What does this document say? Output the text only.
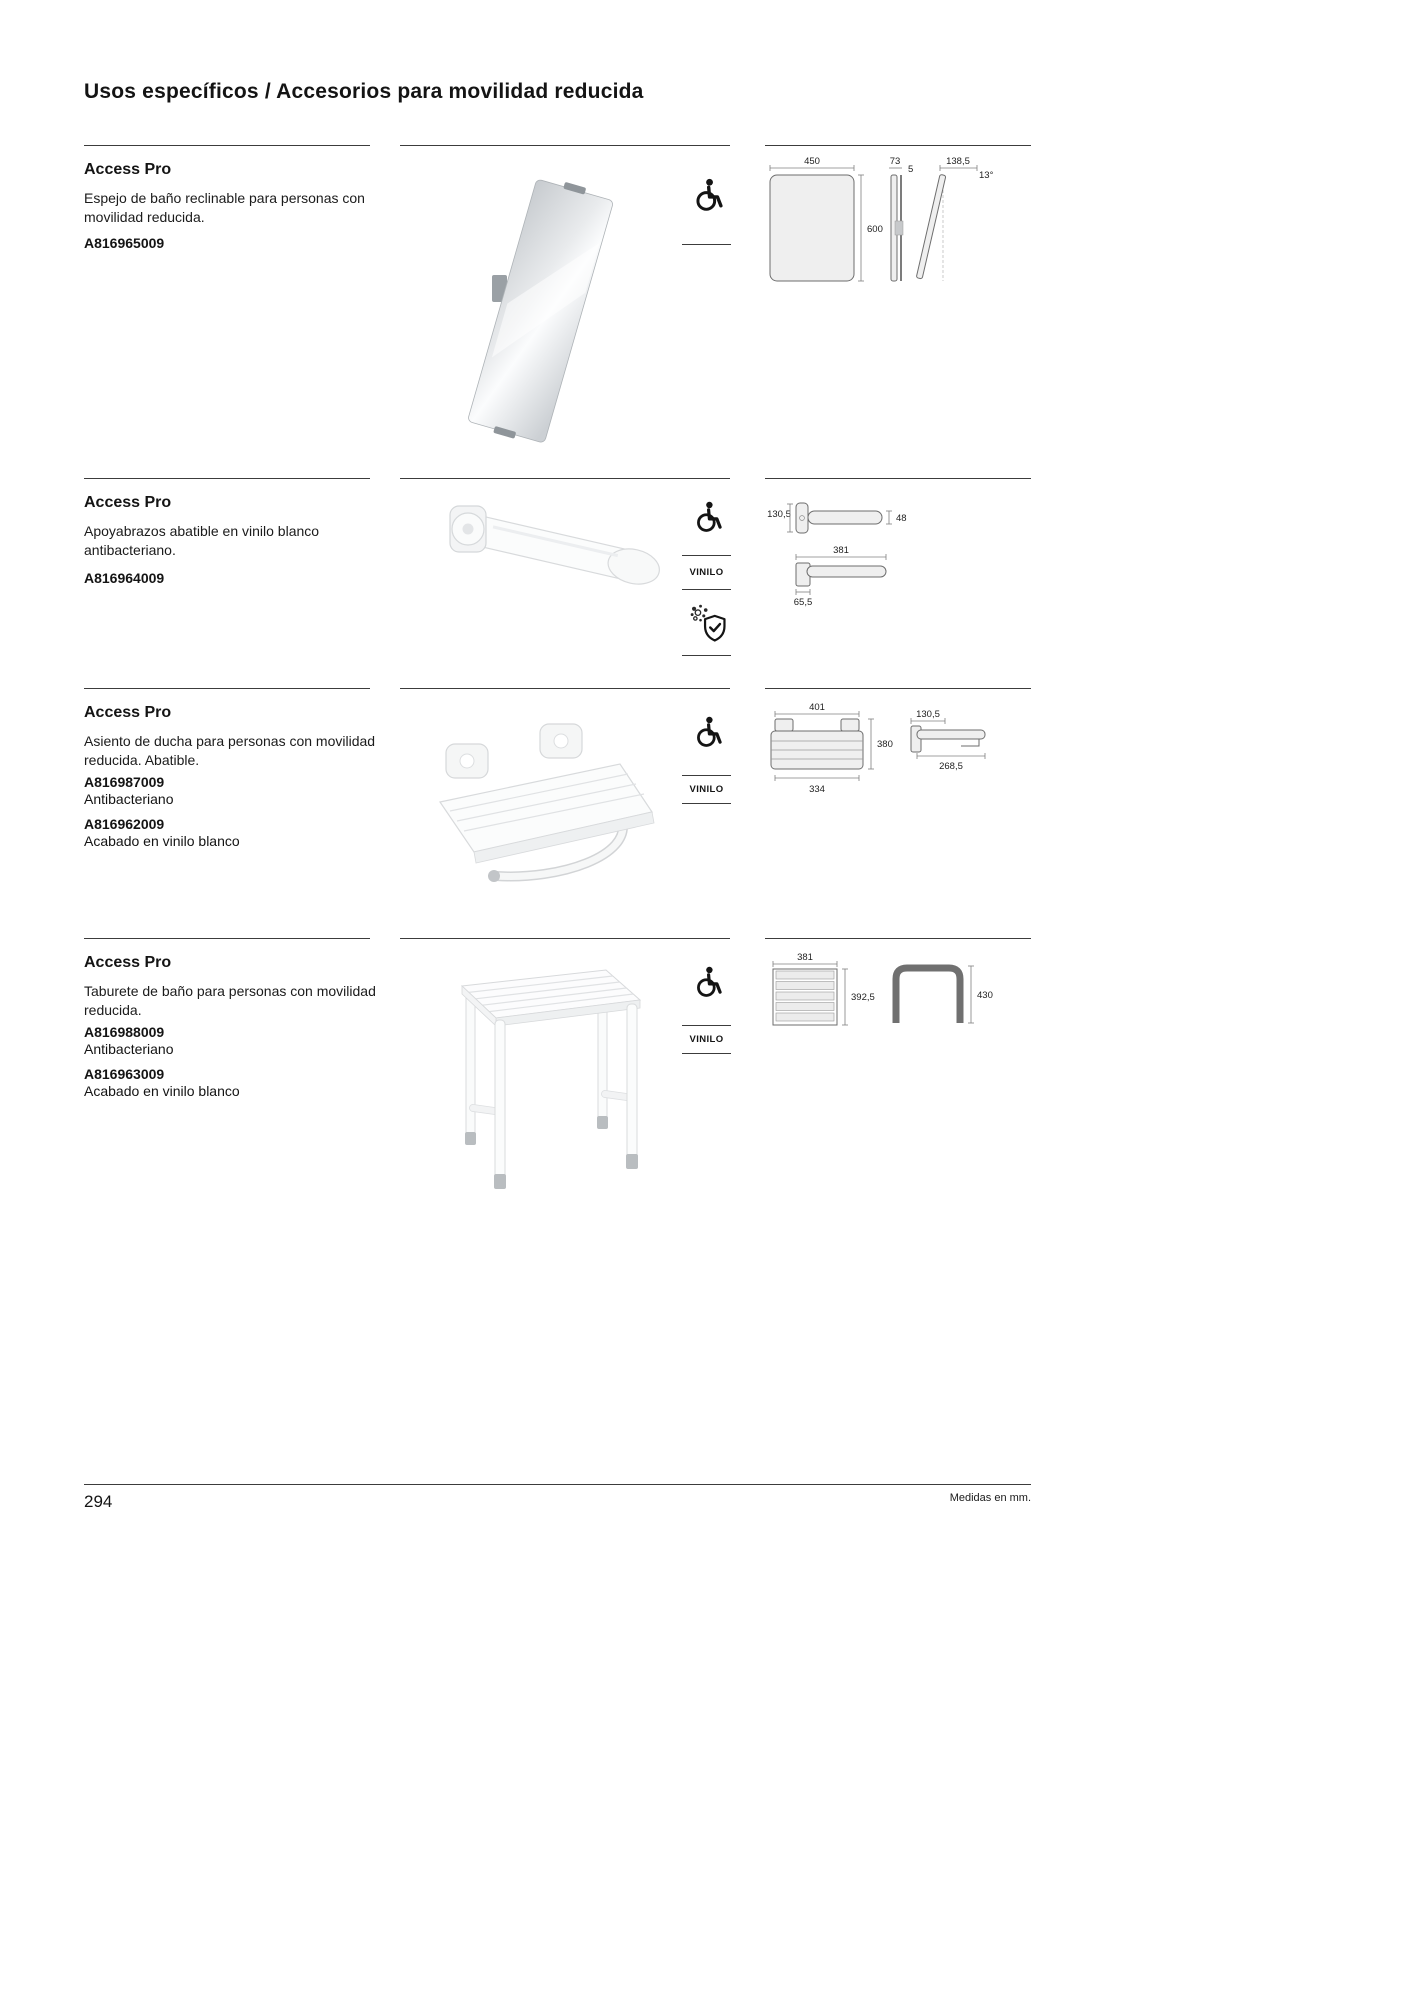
Usos específicos / Accesorios para movilidad reducida
Access Pro

Espejo de baño reclinable para personas con movilidad reducida.

A816965009
450
600
73
5
138,5
13°
Access Pro

Apoyabrazos abatible en vinilo blanco antibacteriano.

A816964009	VINILO
130,5	48
381
65,5
Access Pro

Asiento de ducha para personas con movilidad reducida. Abatible.

A816987009
Antibacteriano
A816962009
Acabado en vinilo blanco
VINILO
401
380
334
130,5
268,5
Access Pro

Taburete de baño para personas con movilidad reducida.

A816988009
Antibacteriano
A816963009
Acabado en vinilo blanco
VINILO
381
392,5	430
294	Medidas en mm.
